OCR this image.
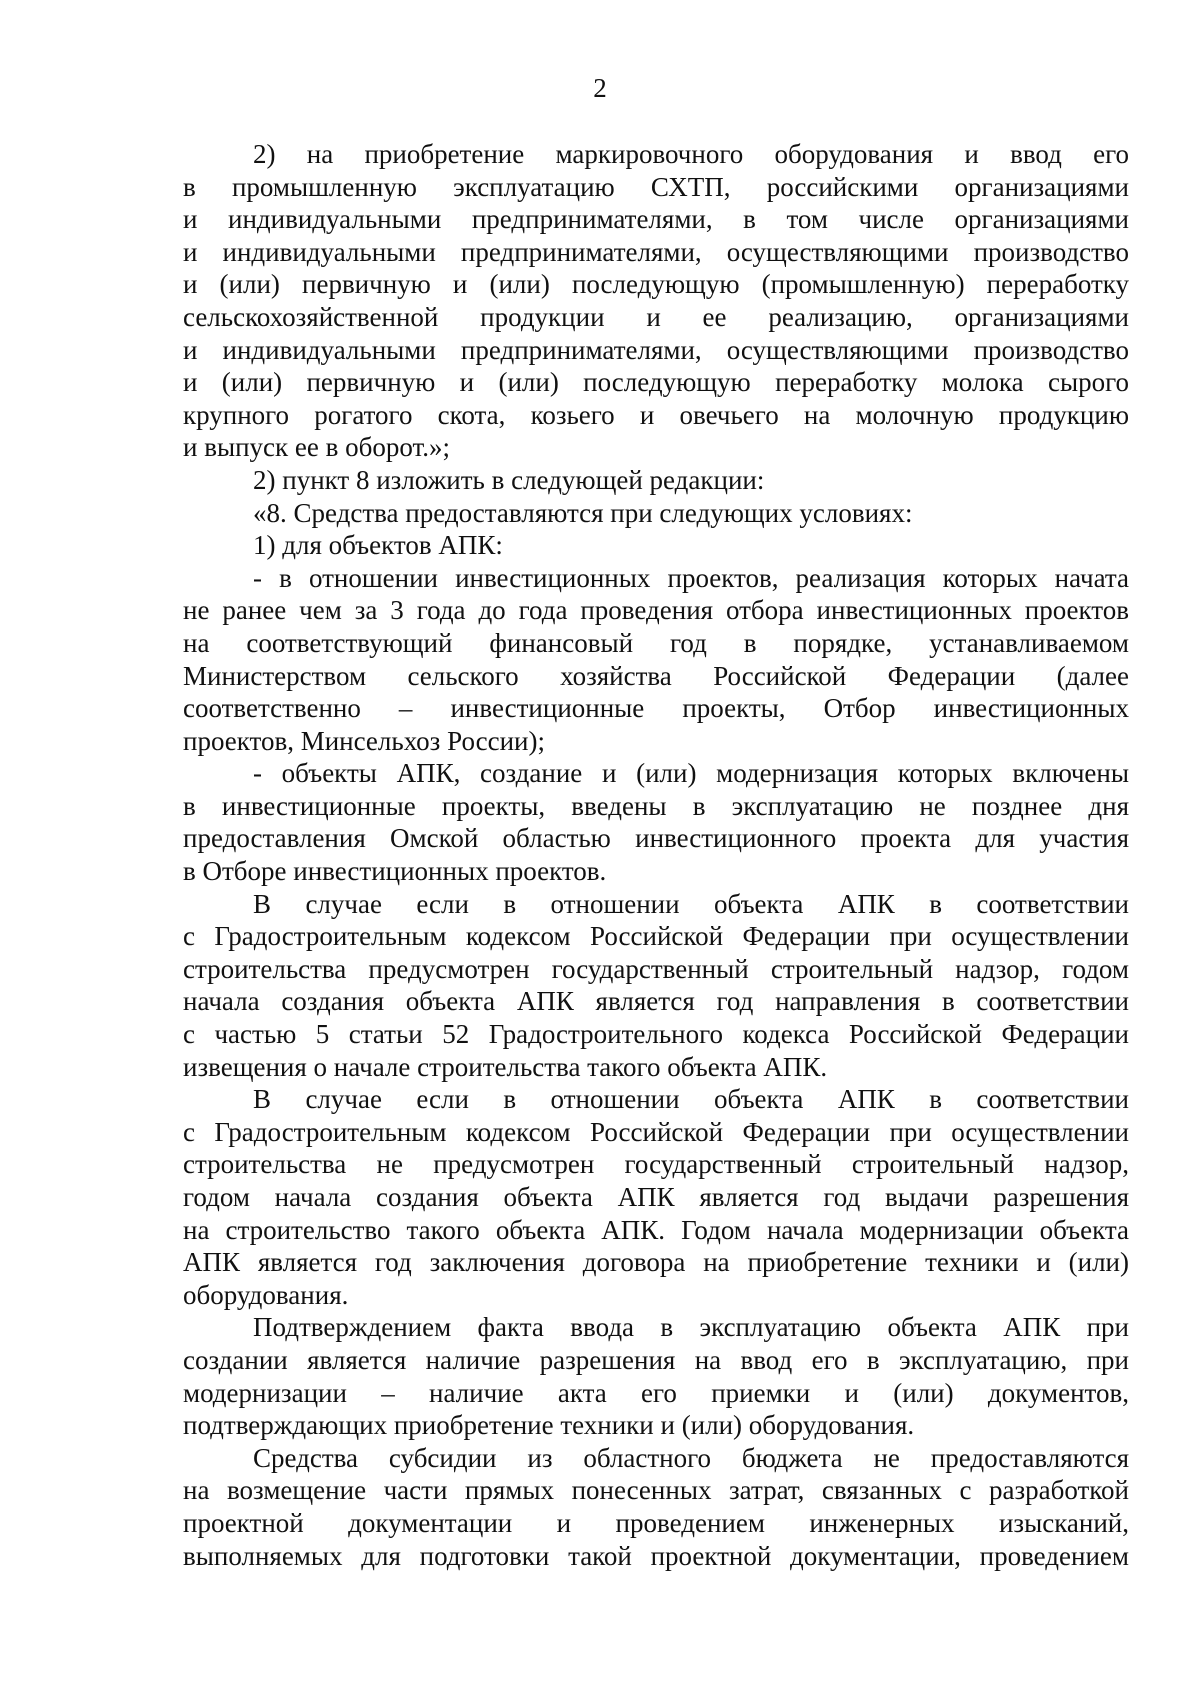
2
2) на приобретение маркировочного оборудования и ввод его
в промышленную эксплуатацию СХТП, российскими организациями
и индивидуальными предпринимателями, в том числе организациями
и индивидуальными предпринимателями, осуществляющими производство
и (или) первичную и (или) последующую (промышленную) переработку
сельскохозяйственной продукции и ее реализацию, организациями
и индивидуальными предпринимателями, осуществляющими производство
и (или) первичную и (или) последующую переработку молока сырого
крупного рогатого скота, козьего и овечьего на молочную продукцию
и выпуск ее в оборот.»;
2) пункт 8 изложить в следующей редакции:
«8. Средства предоставляются при следующих условиях:
1) для объектов АПК:
- в отношении инвестиционных проектов, реализация которых начата
не ранее чем за 3 года до года проведения отбора инвестиционных проектов
на соответствующий финансовый год в порядке, устанавливаемом
Министерством сельского хозяйства Российской Федерации (далее
соответственно – инвестиционные проекты, Отбор инвестиционных
проектов, Минсельхоз России);
- объекты АПК, создание и (или) модернизация которых включены
в инвестиционные проекты, введены в эксплуатацию не позднее дня
предоставления Омской областью инвестиционного проекта для участия
в Отборе инвестиционных проектов.
В случае если в отношении объекта АПК в соответствии
с Градостроительным кодексом Российской Федерации при осуществлении
строительства предусмотрен государственный строительный надзор, годом
начала создания объекта АПК является год направления в соответствии
с частью 5 статьи 52 Градостроительного кодекса Российской Федерации
извещения о начале строительства такого объекта АПК.
В случае если в отношении объекта АПК в соответствии
с Градостроительным кодексом Российской Федерации при осуществлении
строительства не предусмотрен государственный строительный надзор,
годом начала создания объекта АПК является год выдачи разрешения
на строительство такого объекта АПК. Годом начала модернизации объекта
АПК является год заключения договора на приобретение техники и (или)
оборудования.
Подтверждением факта ввода в эксплуатацию объекта АПК при
создании является наличие разрешения на ввод его в эксплуатацию, при
модернизации – наличие акта его приемки и (или) документов,
подтверждающих приобретение техники и (или) оборудования.
Средства субсидии из областного бюджета не предоставляются
на возмещение части прямых понесенных затрат, связанных с разработкой
проектной документации и проведением инженерных изысканий,
выполняемых для подготовки такой проектной документации, проведением
